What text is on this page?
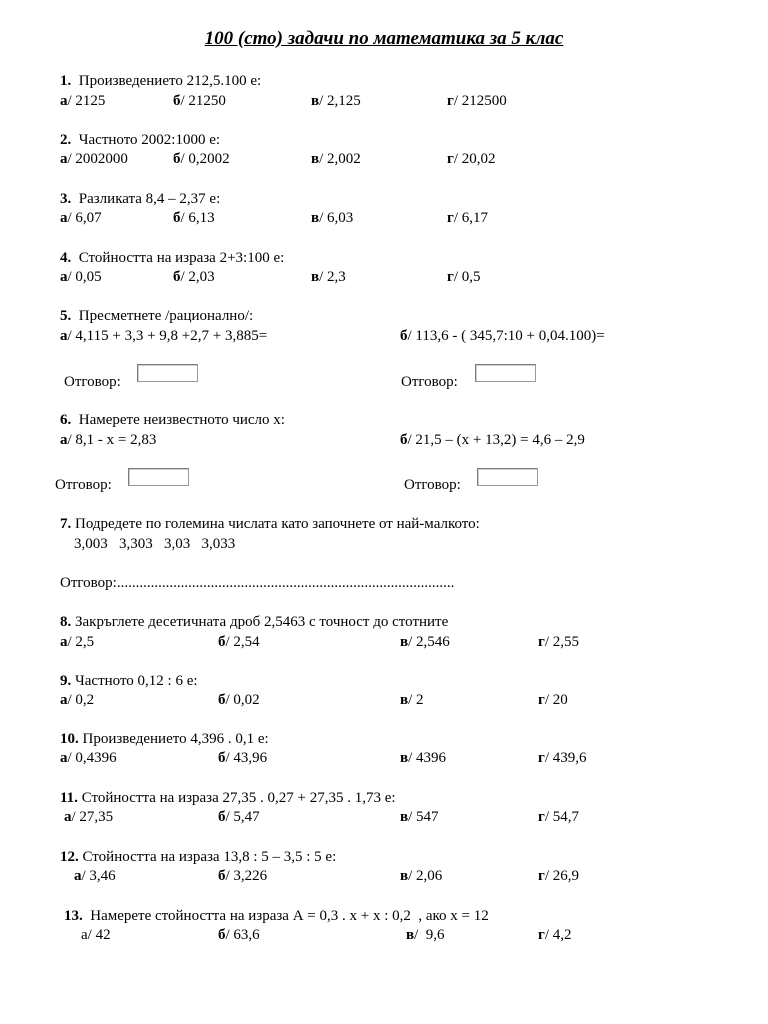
100 (сто) задачи по математика за 5 клас
1. Произведението 212,5.100 е:
а/ 2125	б/ 21250	в/ 2,125	г/ 212500
2. Частното 2002:1000 е:
а/ 2002000	б/ 0,2002	в/ 2,002	г/ 20,02
3. Разликата 8,4 – 2,37 е:
а/ 6,07	б/ 6,13	в/ 6,03	г/ 6,17
4. Стойността на израза 2+3:100 е:
а/ 0,05	б/ 2,03	в/ 2,3	г/ 0,5
5. Пресметнете /рационално/:
а/ 4,115 + 3,3 + 9,8 +2,7 + 3,885=	б/ 113,6 - ( 345,7:10 + 0,04.100)=
Отговор:	Отговор:
6. Намерете неизвестното число х:
а/ 8,1 - х = 2,83	б/ 21,5 – (х + 13,2) = 4,6 – 2,9
Отговор:	Отговор:
7. Подредете по големина числата като започнете от най-малкото:
3,003   3,303   3,03   3,033
Отговор:..........................................................................................
8. Закръглете десетичната дроб 2,5463 с точност до стотните
а/ 2,5	б/ 2,54	в/ 2,546	г/ 2,55
9. Частното 0,12 : 6 е:
а/ 0,2	б/ 0,02	в/ 2	г/ 20
10. Произведението 4,396 . 0,1 е:
а/ 0,4396	б/ 43,96	в/ 4396	г/ 439,6
11. Стойността на израза 27,35 . 0,27 + 27,35 . 1,73 е:
а/ 27,35	б/ 5,47	в/ 547	г/ 54,7
12. Стойността на израза 13,8 : 5 – 3,5 : 5 е:
а/ 3,46	б/ 3,226	в/ 2,06	г/ 26,9
13. Намерете стойността на израза А = 0,3 . х + х : 0,2  , ако х = 12
а/ 42	б/ 63,6	в/  9,6	г/ 4,2
